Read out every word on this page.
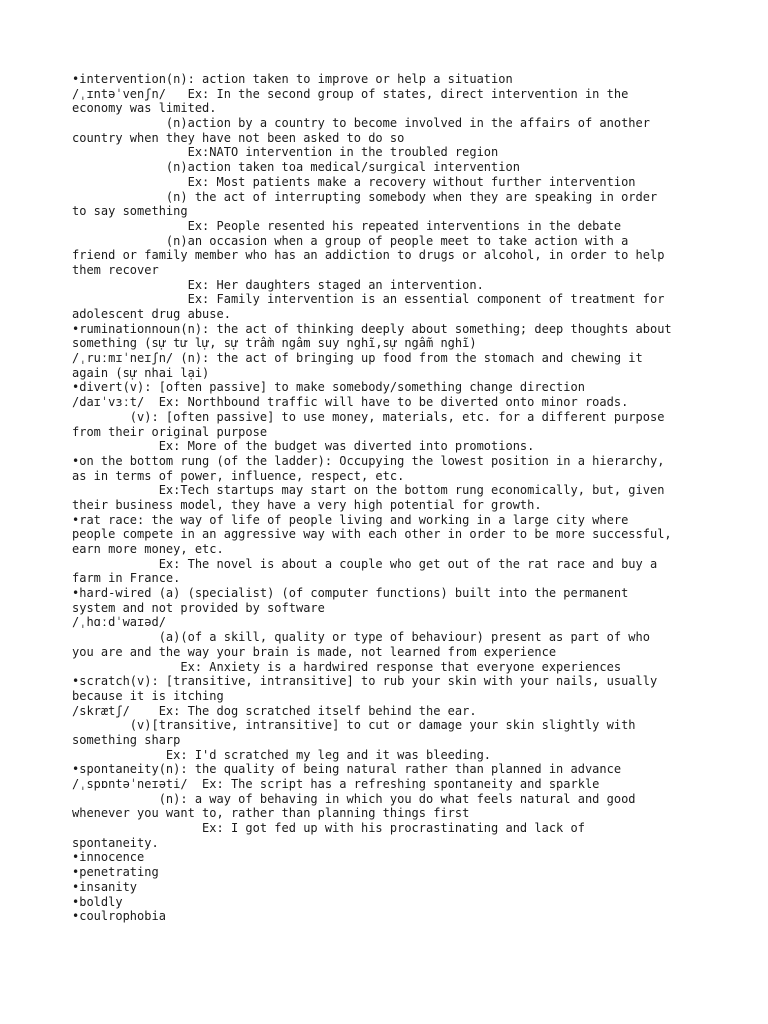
•intervention(n): action taken to improve or help a situation
/ˌɪntəˈvenʃn/   Ex: In the second group of states, direct intervention in the
economy was limited.
(n)action by a country to become involved in the affairs of another
country when they have not been asked to do so
Ex:NATO intervention in the troubled region
(n)action taken toa medical/surgical intervention
Ex: Most patients make a recovery without further intervention
(n) the act of interrupting somebody when they are speaking in order
to say something
Ex: People resented his repeated interventions in the debate
(n)an occasion when a group of people meet to take action with a
friend or family member who has an addiction to drugs or alcohol, in order to help
them recover
Ex: Her daughters staged an intervention.
Ex: Family intervention is an essential component of treatment for
adolescent drug abuse.
•ruminationnoun(n): the act of thinking deeply about something; deep thoughts about
something (sự tư lự, sự trầm ngâm suy nghĩ,sự ngẫm nghĩ)
/ˌruːmɪˈneɪʃn/ (n): the act of bringing up food from the stomach and chewing it
again (sự nhai lại)
•divert(v): [often passive] to make somebody/something change direction
/daɪˈvɜːt/  Ex: Northbound traffic will have to be diverted onto minor roads.
(v): [often passive] to use money, materials, etc. for a different purpose
from their original purpose
Ex: More of the budget was diverted into promotions.
•on the bottom rung (of the ladder): Occupying the lowest position in a hierarchy,
as in terms of power, influence, respect, etc.
Ex:Tech startups may start on the bottom rung economically, but, given
their business model, they have a very high potential for growth.
•rat race: the way of life of people living and working in a large city where
people compete in an aggressive way with each other in order to be more successful,
earn more money, etc.
Ex: The novel is about a couple who get out of the rat race and buy a
farm in France.
•hard-wired (a) (specialist) (of computer functions) built into the permanent
system and not provided by software
/ˌhɑːdˈwaɪəd/
(a)(of a skill, quality or type of behaviour) present as part of who
you are and the way your brain is made, not learned from experience
Ex: Anxiety is a hardwired response that everyone experiences
•scratch(v): [transitive, intransitive] to rub your skin with your nails, usually
because it is itching
/skrætʃ/    Ex: The dog scratched itself behind the ear.
(v)[transitive, intransitive] to cut or damage your skin slightly with
something sharp
Ex: I'd scratched my leg and it was bleeding.
•spontaneity(n): the quality of being natural rather than planned in advance
/ˌspɒntəˈneɪəti/  Ex: The script has a refreshing spontaneity and sparkle
(n): a way of behaving in which you do what feels natural and good
whenever you want to, rather than planning things first
Ex: I got fed up with his procrastinating and lack of
spontaneity.
•innocence
•penetrating
•insanity
•boldly
•coulrophobia
